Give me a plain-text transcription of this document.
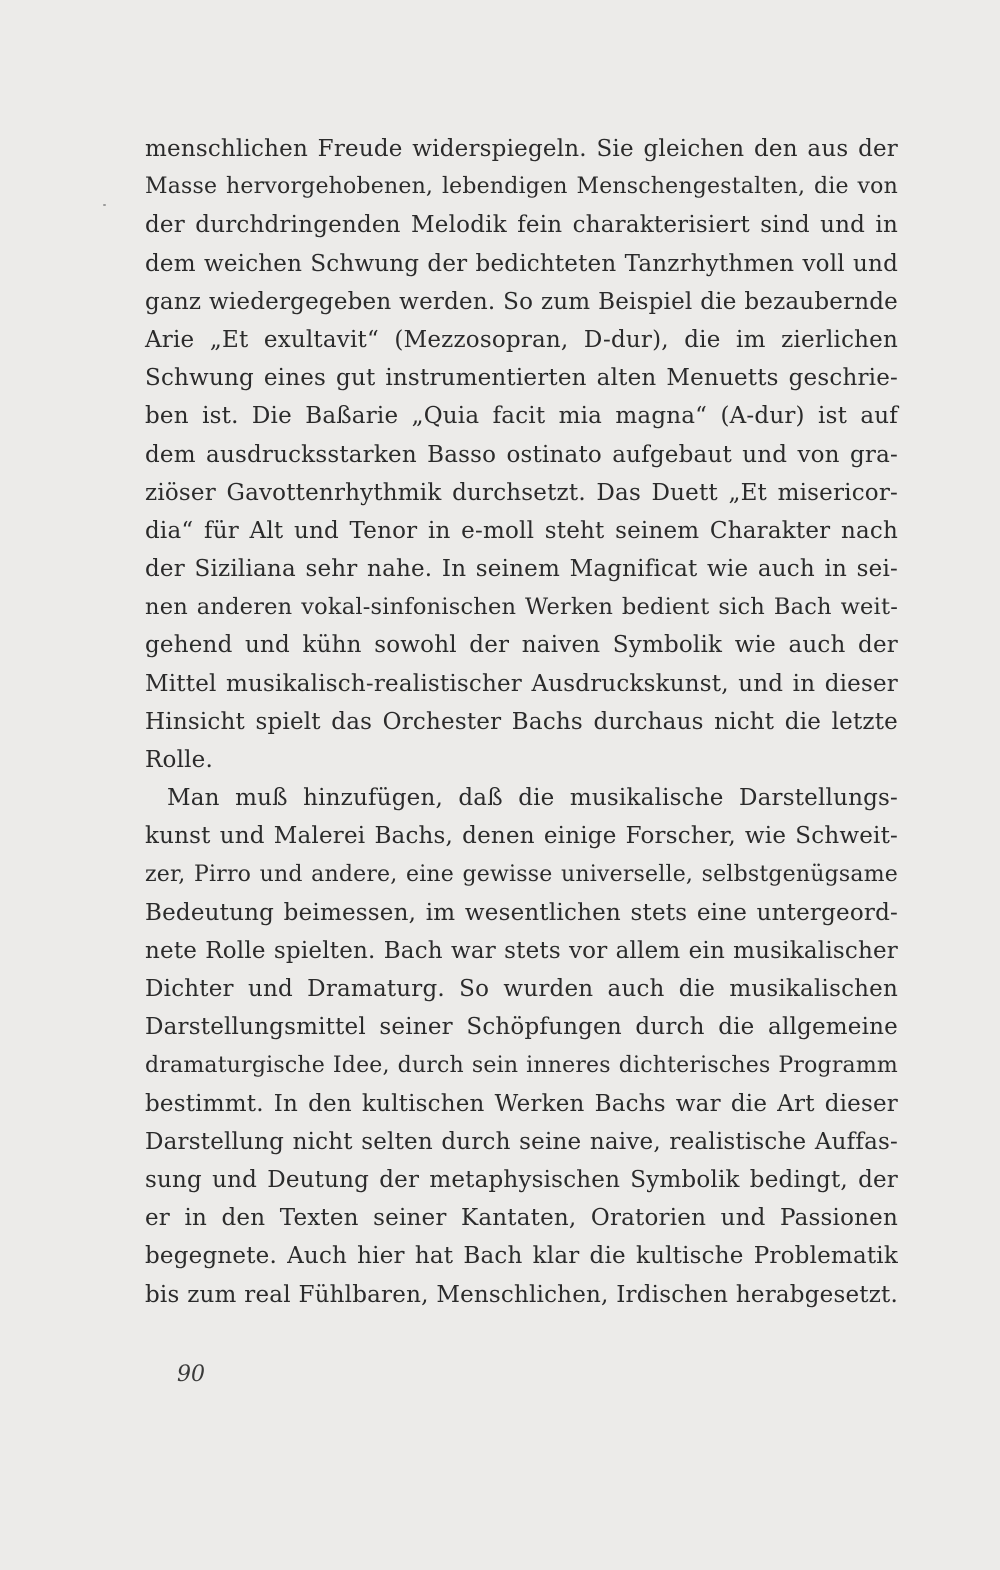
menschlichen Freude widerspiegeln. Sie gleichen den aus der
Masse hervorgehobenen, lebendigen Menschengestalten, die von
der durchdringenden Melodik fein charakterisiert sind und in
dem weichen Schwung der bedichteten Tanzrhythmen voll und
ganz wiedergegeben werden. So zum Beispiel die bezaubernde
Arie „Et exultavit“ (Mezzosopran, D-dur), die im zierlichen
Schwung eines gut instrumentierten alten Menuetts geschrie-
ben ist. Die Baßarie „Quia facit mia magna“ (A-dur) ist auf
dem ausdrucksstarken Basso ostinato aufgebaut und von gra-
ziöser Gavottenrhythmik durchsetzt. Das Duett „Et misericor-
dia“ für Alt und Tenor in e-moll steht seinem Charakter nach
der Siziliana sehr nahe. In seinem Magnificat wie auch in sei-
nen anderen vokal-sinfonischen Werken bedient sich Bach weit-
gehend und kühn sowohl der naiven Symbolik wie auch der
Mittel musikalisch-realistischer Ausdruckskunst, und in dieser
Hinsicht spielt das Orchester Bachs durchaus nicht die letzte
Rolle.
Man muß hinzufügen, daß die musikalische Darstellungs-
kunst und Malerei Bachs, denen einige Forscher, wie Schweit-
zer, Pirro und andere, eine gewisse universelle, selbstgenügsame
Bedeutung beimessen, im wesentlichen stets eine untergeord-
nete Rolle spielten. Bach war stets vor allem ein musikalischer
Dichter und Dramaturg. So wurden auch die musikalischen
Darstellungsmittel seiner Schöpfungen durch die allgemeine
dramaturgische Idee, durch sein inneres dichterisches Programm
bestimmt. In den kultischen Werken Bachs war die Art dieser
Darstellung nicht selten durch seine naive, realistische Auffas-
sung und Deutung der metaphysischen Symbolik bedingt, der
er in den Texten seiner Kantaten, Oratorien und Passionen
begegnete. Auch hier hat Bach klar die kultische Problematik
bis zum real Fühlbaren, Menschlichen, Irdischen herabgesetzt.
90
